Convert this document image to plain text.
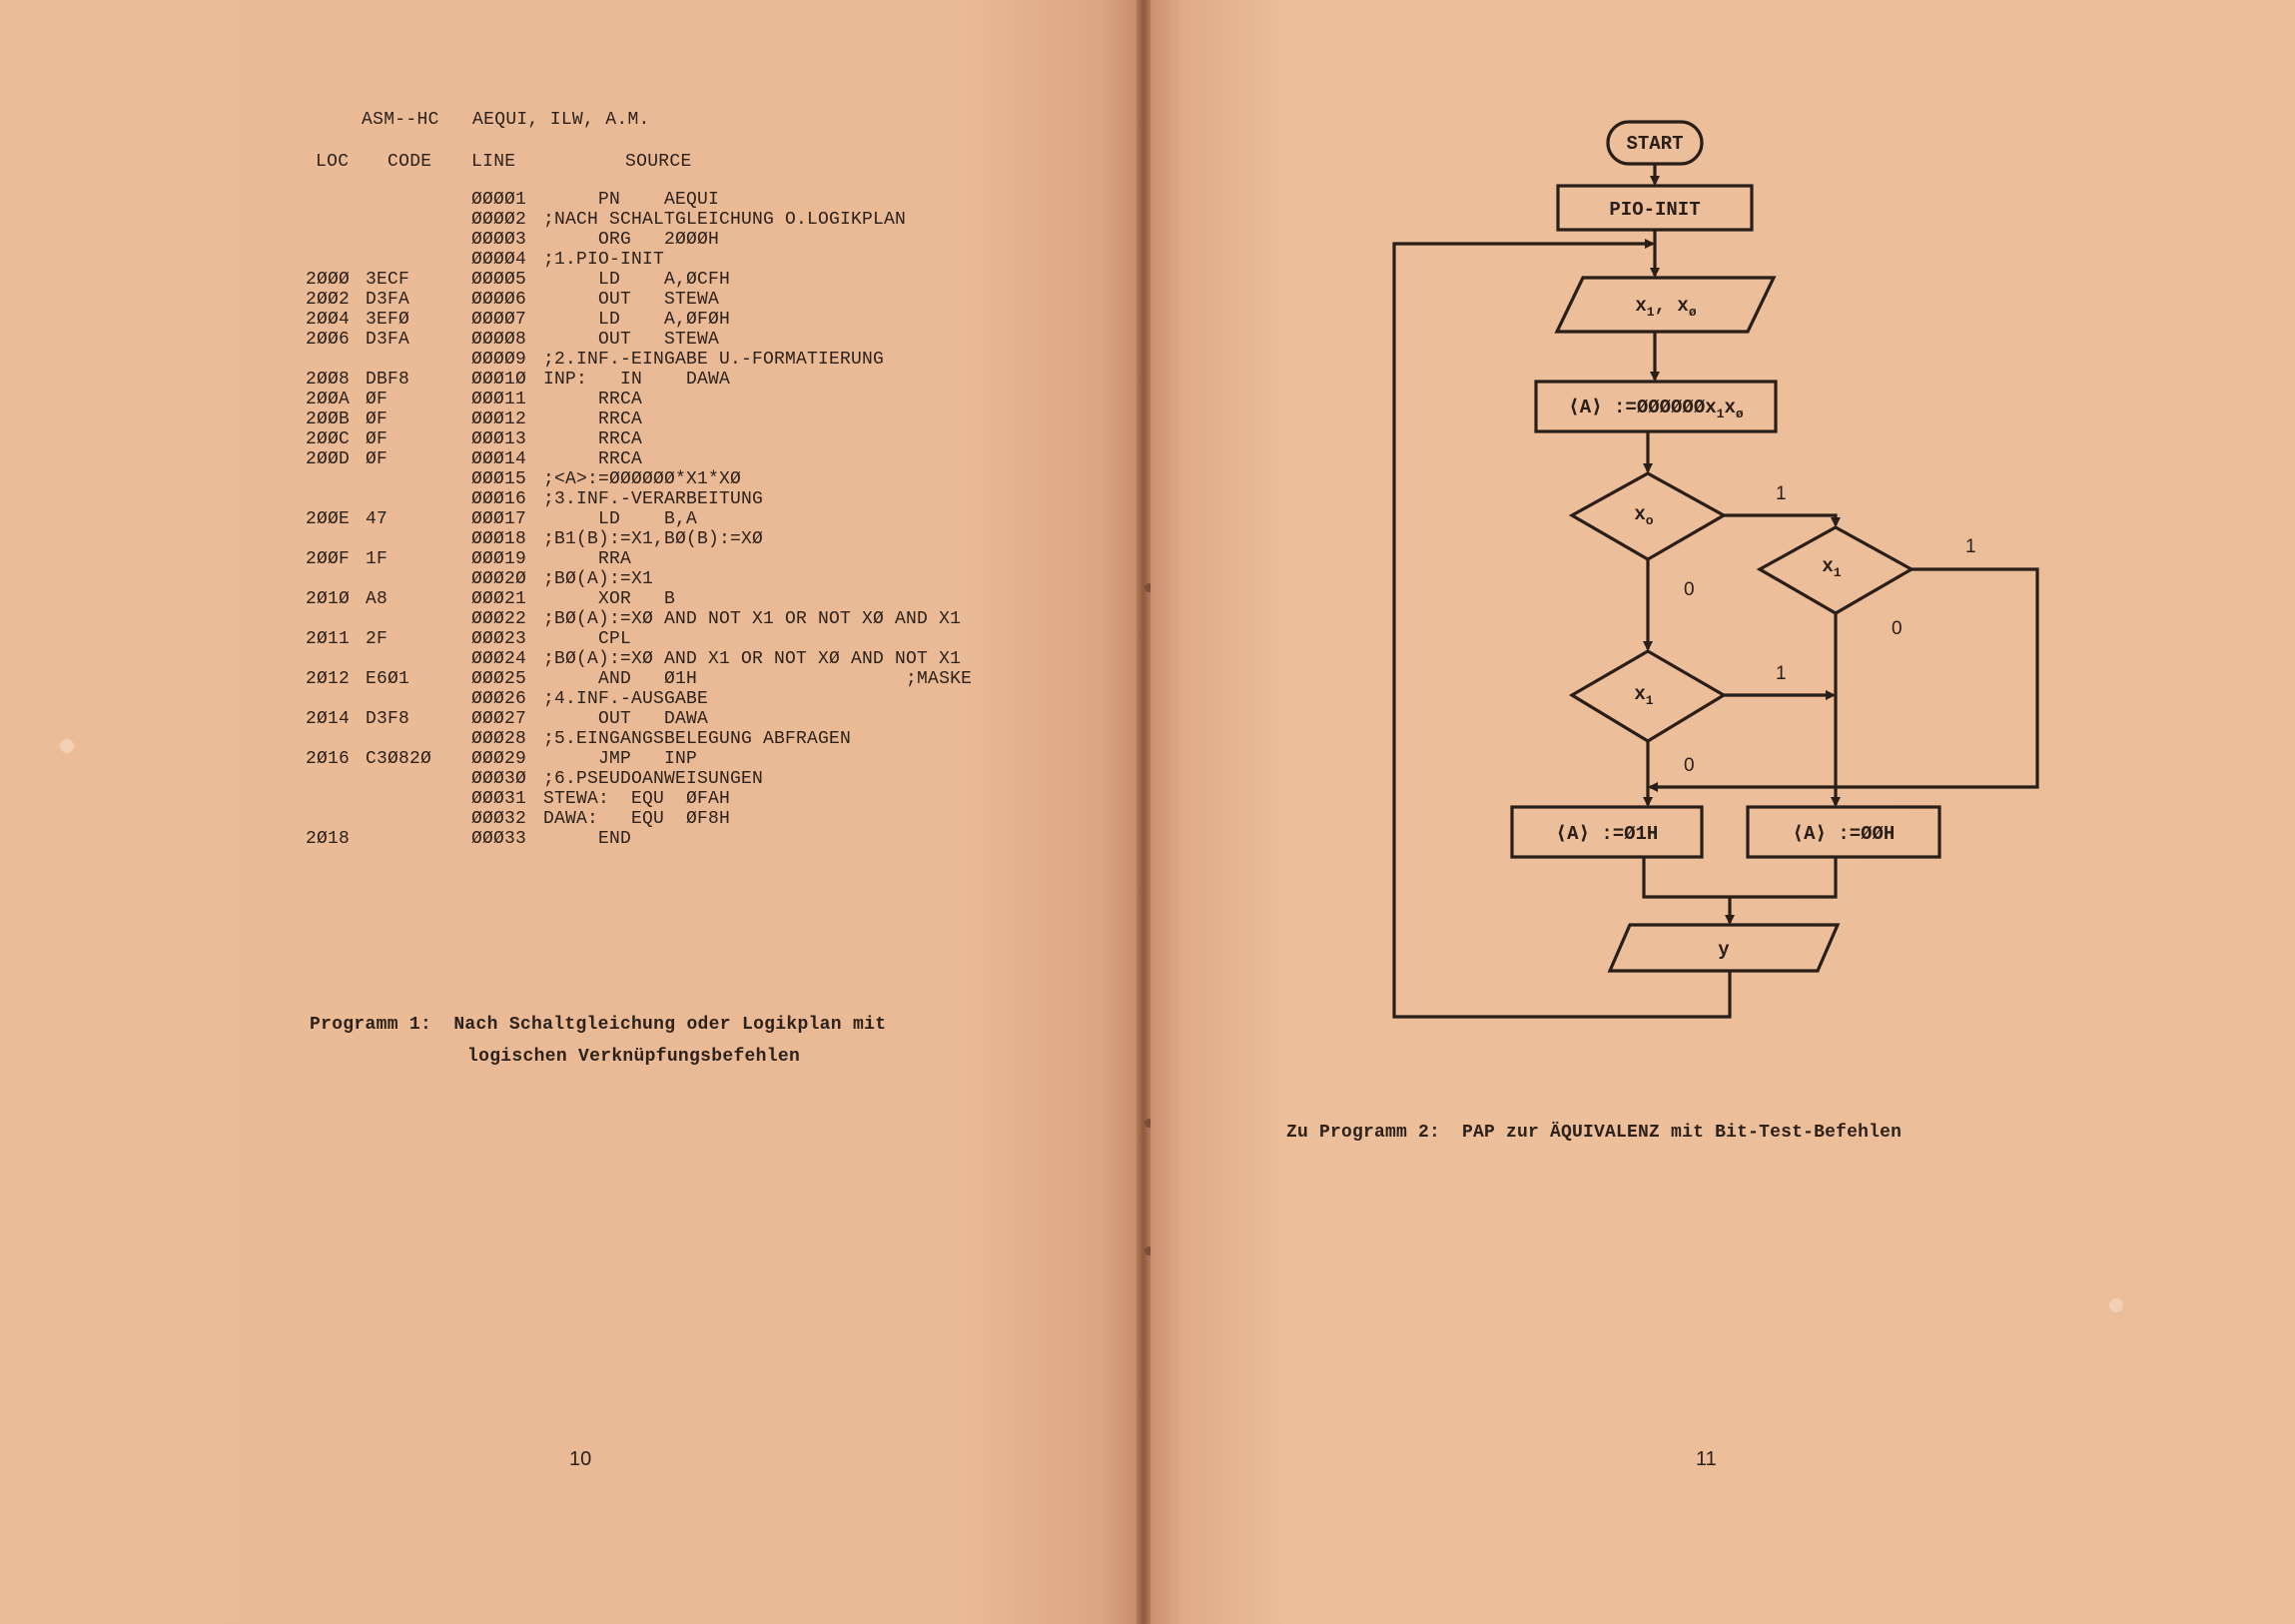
ASM--HC   AEQUI, ILW, A.M.
LOC CODE LINE	SOURCE
ØØØØ1 PN    AEQUI
ØØØØ2 ;NACH SCHALTGLEICHUNG O.LOGIKPLAN
ØØØØ3 ORG   2ØØØH
ØØØØ4 ;1.PIO-INIT
2ØØØ 3ECF	ØØØØ5 LD    A,ØCFH
2ØØ2 D3FA	ØØØØ6 OUT   STEWA
2ØØ4 3EFØ	ØØØØ7 LD    A,ØFØH
2ØØ6 D3FA	ØØØØ8 OUT   STEWA
ØØØØ9 ;2.INF.-EINGABE U.-FORMATIERUNG
2ØØ8 DBF8	ØØØ1Ø INP:   IN    DAWA
2ØØA ØF	ØØØ11 RRCA
2ØØB ØF	ØØØ12 RRCA
2ØØC ØF	ØØØ13 RRCA
2ØØD ØF	ØØØ14 RRCA
ØØØ15 ;<A>:=ØØØØØØ*X1*XØ
ØØØ16 ;3.INF.-VERARBEITUNG
2ØØE 47	ØØØ17 LD    B,A
ØØØ18 ;B1(B):=X1,BØ(B):=XØ
2ØØF 1F	ØØØ19 RRA
ØØØ2Ø ;BØ(A):=X1
2Ø1Ø A8	ØØØ21 XOR   B
ØØØ22 ;BØ(A):=XØ AND NOT X1 OR NOT XØ AND X1
2Ø11 2F	ØØØ23 CPL
ØØØ24 ;BØ(A):=XØ AND X1 OR NOT XØ AND NOT X1
2Ø12 E6Ø1	ØØØ25 AND   Ø1H                   ;MASKE
ØØØ26 ;4.INF.-AUSGABE
2Ø14 D3F8	ØØØ27 OUT   DAWA
ØØØ28 ;5.EINGANGSBELEGUNG ABFRAGEN
2Ø16 C3Ø82Ø ØØØ29 JMP   INP
ØØØ3Ø ;6.PSEUDOANWEISUNGEN
ØØØ31 STEWA:  EQU  ØFAH
ØØØ32 DAWA:   EQU  ØF8H
2Ø18	ØØØ33 END
Programm 1:  Nach Schaltgleichung oder Logikplan mit
logischen Verknüpfungsbefehlen
10
START
PIO-INIT
$x_1$, $x_ø$
⟨A⟩ $:=ØØØØØØx_1x_ø$
$x_o$
1
$x_1$
1
0
0
$x_1$
1
0
⟨A⟩ :=Ø1H	⟨A⟩ :=ØØH
y
Zu Programm 2:  PAP zur ÄQUIVALENZ mit Bit-Test-Befehlen
11
